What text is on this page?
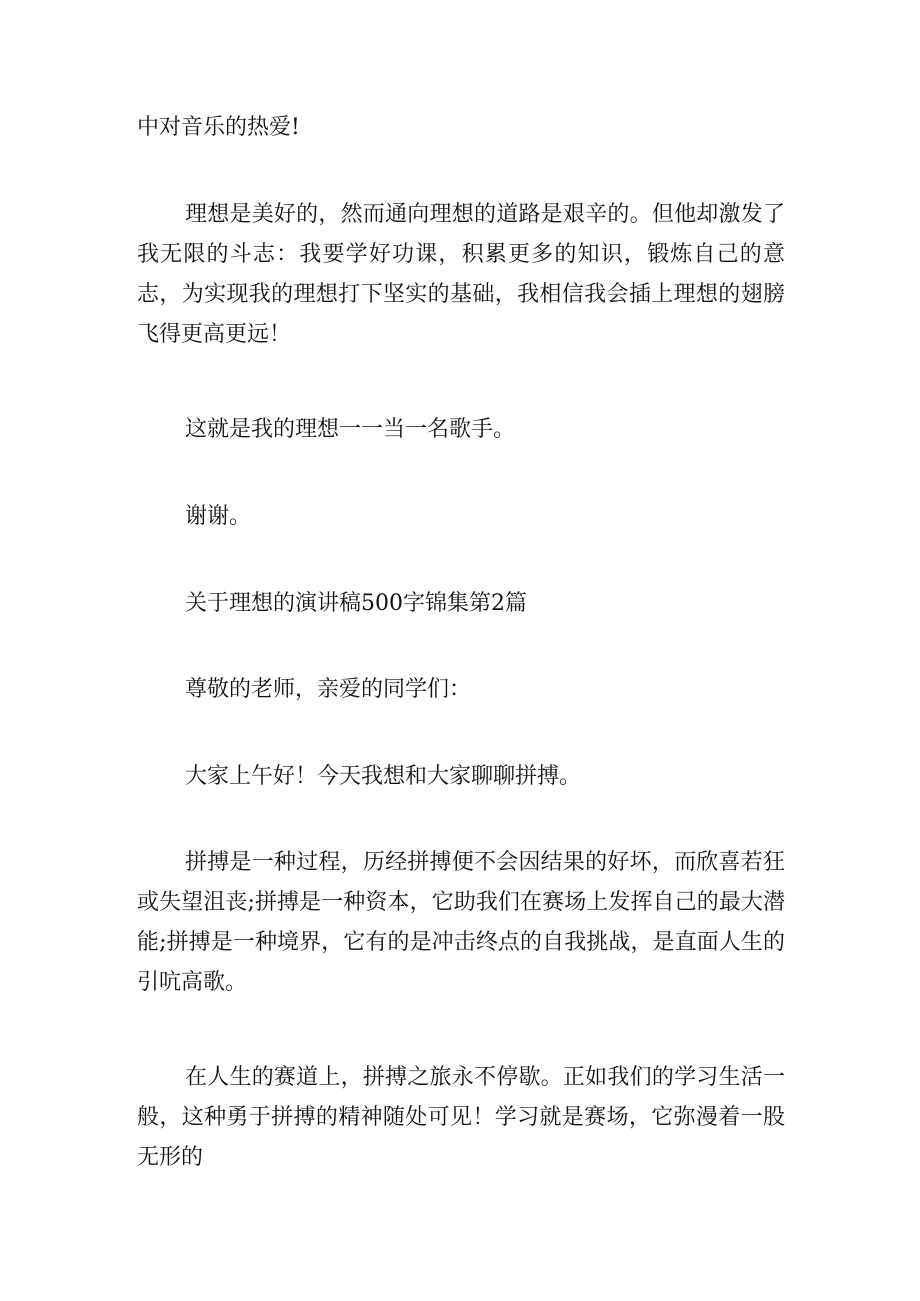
中对音乐的热爱!

理想是美好的，然而通向理想的道路是艰辛的。但他却激发了我无限的斗志：我要学好功课，积累更多的知识，锻炼自己的意志，为实现我的理想打下坚实的基础，我相信我会插上理想的翅膀飞得更高更远！

这就是我的理想一一当一名歌手。

谢谢。

关于理想的演讲稿500字锦集第2篇

尊敬的老师，亲爱的同学们：

大家上午好！今天我想和大家聊聊拼搏。

拼搏是一种过程，历经拼搏便不会因结果的好坏，而欣喜若狂或失望沮丧;拼搏是一种资本，它助我们在赛场上发挥自己的最大潜能;拼搏是一种境界，它有的是冲击终点的自我挑战，是直面人生的引吭高歌。

在人生的赛道上，拼搏之旅永不停歇。正如我们的学习生活一般，这种勇于拼搏的精神随处可见！学习就是赛场，它弥漫着一股无形的
